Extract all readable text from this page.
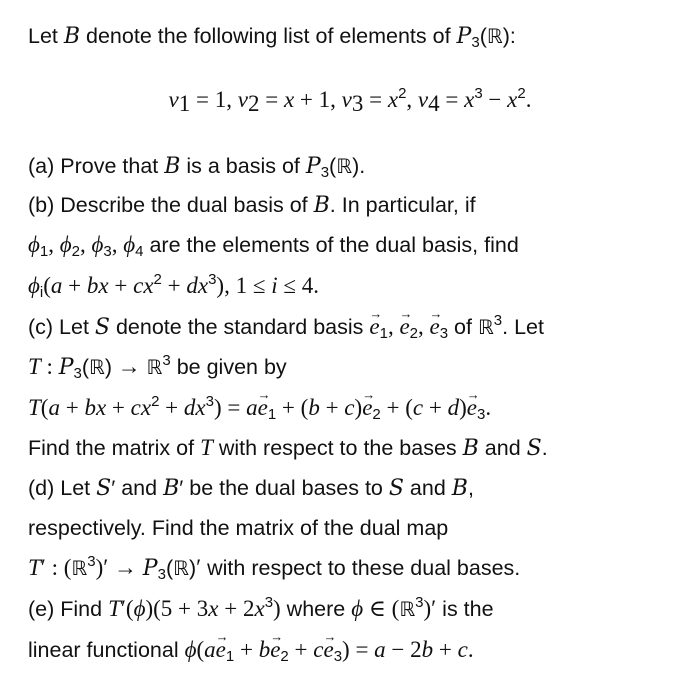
Let B denote the following list of elements of $P_3(ℝ)$:
$v_1 = 1$, $v_2 = x + 1$, $v_3 = x^2$, $v_4 = x^3 - x^2$.
(a) Prove that B is a basis of $P_3(ℝ)$.
(b) Describe the dual basis of B. In particular, if
$\phi_1$, $\phi_2$, $\phi_3$, $\phi_4$ are the elements of the dual basis, find
$\phi_i(a$ + bx + $cx^2 + dx^3$), 1 ≤ i ≤ 4.
(c) Let S denote the standard basis → $e_1$, → $e_2$, → $e_3$ of ℝ$^3$. Let
T : $P_3(ℝ)$ → ℝ$^3$ be given by
T(a + bx + $cx^2 + dx^3) = a\to e_1 + (b + c)\to e_2 + (c + d)\to e_3$.
Find the matrix of T with respect to the bases B and S.
(d) Let S′ and B′ be the dual bases to S and B,
respectively. Find the matrix of the dual map
T′ : (ℝ$^3$)′ → $P_3(ℝ)'$ with respect to these dual bases.
(e) Find $T'(\phi)(5 + 3x + 2x^3)$ where ϕ ∈ (ℝ$^3$)′ is the
linear functional $\phi(a\to e_1 + b\to e_2 + c\to e_3) = a - 2b + c$.
